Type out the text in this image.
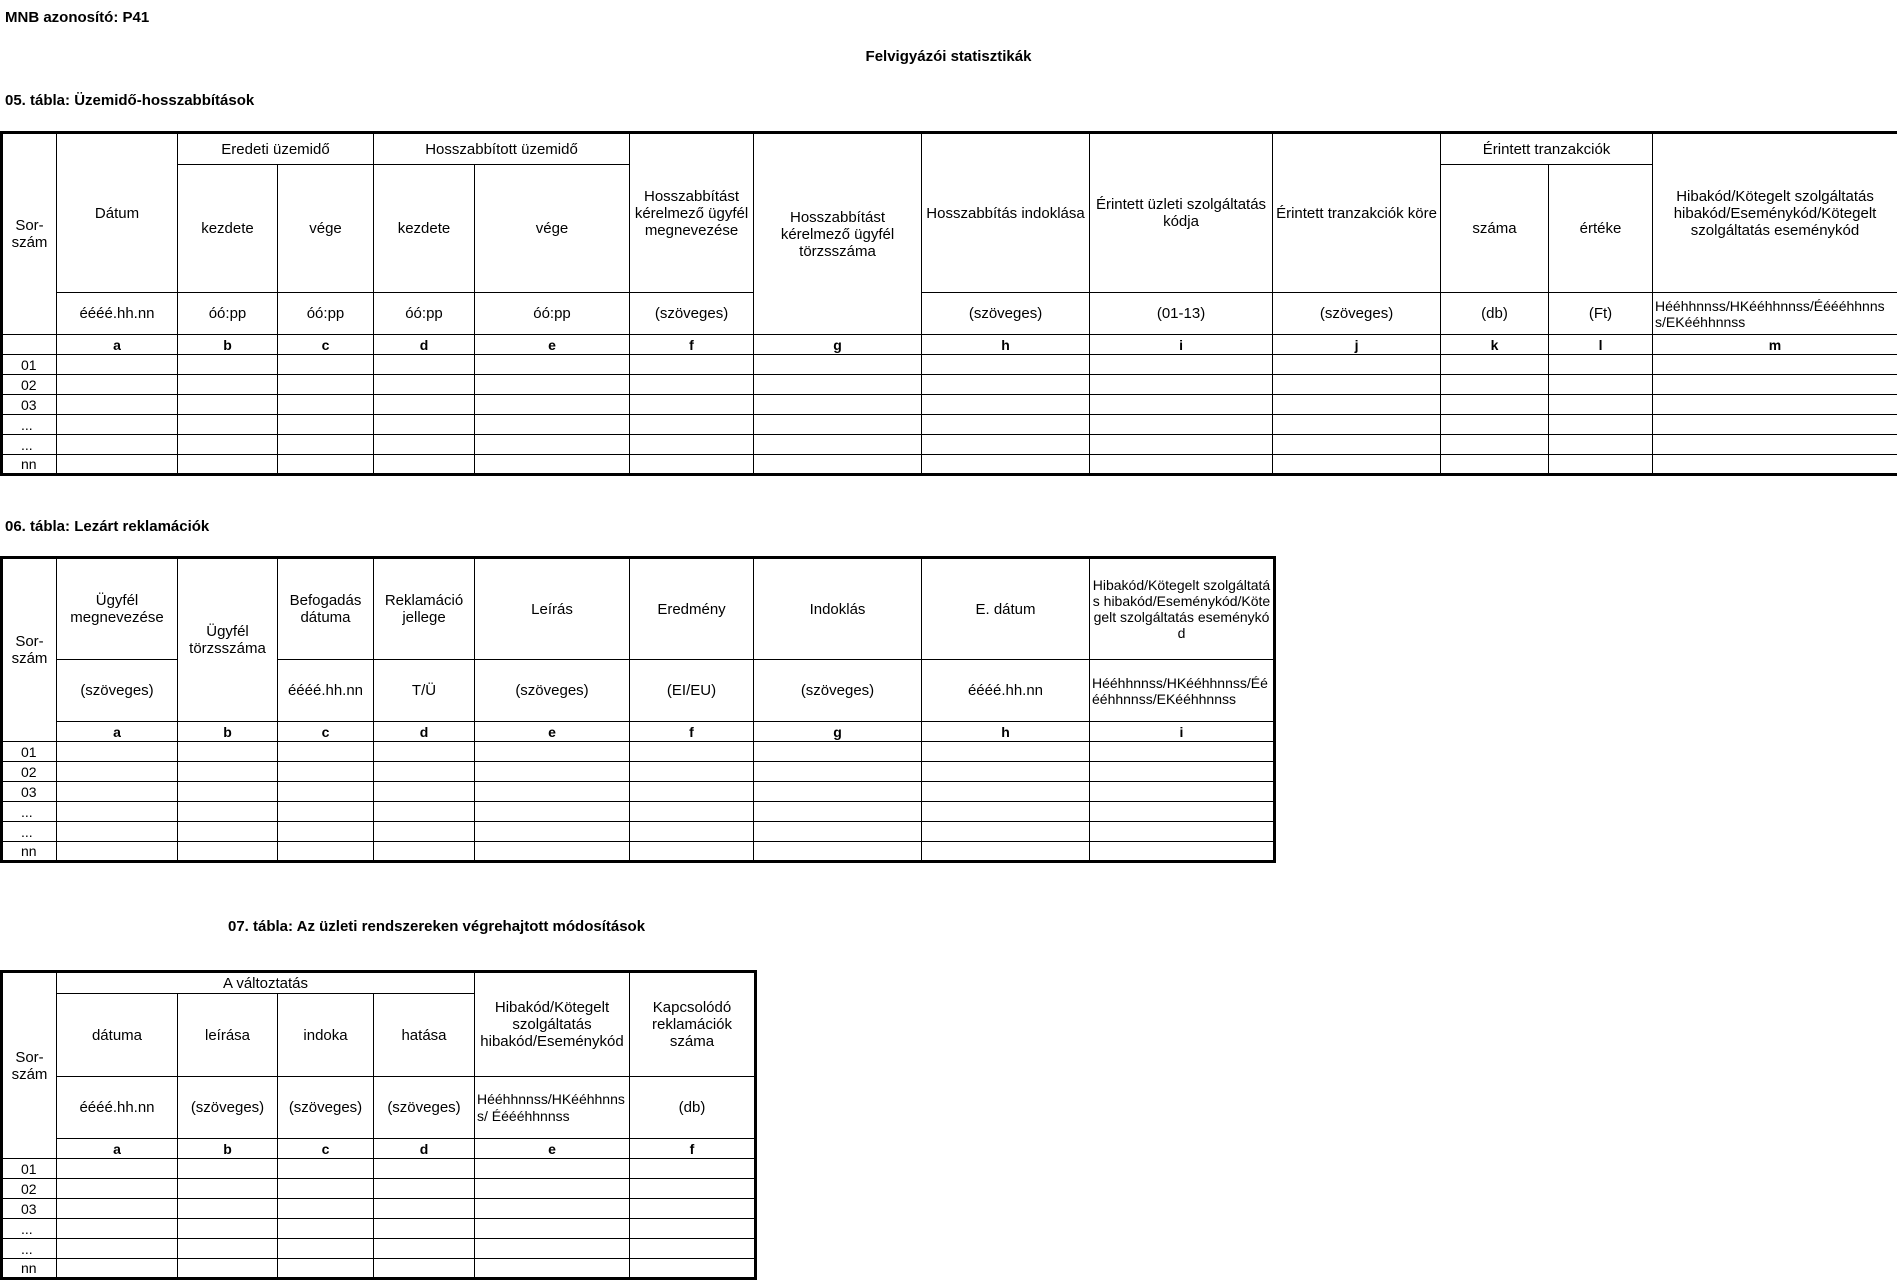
MNB azonosító: P41
Felvigyázói statisztikák
05. tábla: Üzemidő-hosszabbítások
Sor-
szám	Dátum	Eredeti üzemidő		Hosszabbított üzemidő		Hosszabbítást kérelmező ügyfél megnevezése	Hosszabbítást kérelmező ügyfél törzsszáma	Hosszabbítás indoklása	Érintett üzleti szolgáltatás kódja	Érintett tranzakciók köre	Érintett tranzakciók		Hibakód/Kötegelt szolgáltatás hibakód/Eseménykód/Kötegelt szolgáltatás eseménykód
		kezdete	vége	kezdete	vége						száma	értéke	
	éééé.hh.nn	óó:pp	óó:pp	óó:pp	óó:pp	(szöveges)		(szöveges)	(01-13)	(szöveges)	(db)	(Ft)	Hééhhnnss/HKééhhnnss/Ééééhhnnss/EKééhhnnss
	a	b	c	d	e	f	g	h	i	j	k	l	m
01													
02													
03													
...													
...													
nn													
06. tábla: Lezárt reklamációk
Sor-
szám	Ügyfél megnevezése	Ügyfél törzsszáma	Befogadás dátuma	Reklamáció jellege	Leírás	Eredmény	Indoklás	E. dátum	Hibakód/Kötegelt szolgáltatás hibakód/Eseménykód/Kötegelt szolgáltatás eseménykód
	(szöveges)		éééé.hh.nn	T/Ü	(szöveges)	(EI/EU)	(szöveges)	éééé.hh.nn	Hééhhnnss/HKééhhnnss/Ééééhhnnss/EKééhhnnss
	a	b	c	d	e	f	g	h	i
01									
02									
03									
...									
...									
nn									
07. tábla: Az üzleti rendszereken végrehajtott módosítások
Sor-
szám	A változtatás				Hibakód/Kötegelt szolgáltatás hibakód/Eseménykód	Kapcsolódó reklamációk száma
	dátuma	leírása	indoka	hatása		
	éééé.hh.nn	(szöveges)	(szöveges)	(szöveges)	Hééhhnnss/HKééhhnnss/ Ééééhhnnss	(db)
	a	b	c	d	e	f
01						
02						
03						
...						
...						
nn						
